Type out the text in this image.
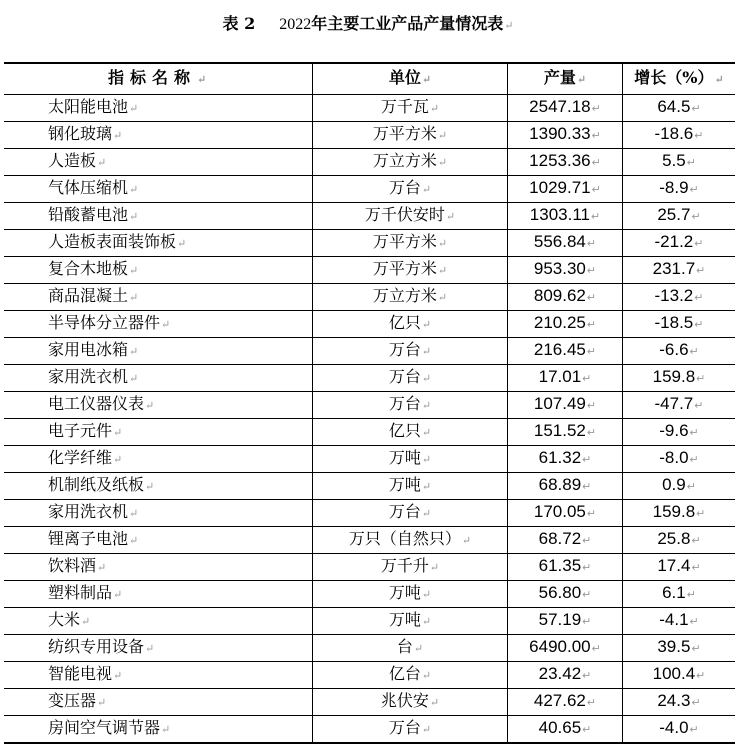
表 2 2022年主要工业产品产量情况表↵
指标名称↵	单位↵	产量↵	增长（%）↵
太阳能电池↵	万千瓦↵	2547.18↵	64.5↵
钢化玻璃↵	万平方米↵	1390.33↵	-18.6↵
人造板↵	万立方米↵	1253.36↵	5.5↵
气体压缩机↵	万台↵	1029.71↵	-8.9↵
铅酸蓄电池↵	万千伏安时↵	1303.11↵	25.7↵
人造板表面装饰板↵	万平方米↵	556.84↵	-21.2↵
复合木地板↵	万平方米↵	953.30↵	231.7↵
商品混凝土↵	万立方米↵	809.62↵	-13.2↵
半导体分立器件↵	亿只↵	210.25↵	-18.5↵
家用电冰箱↵	万台↵	216.45↵	-6.6↵
家用洗衣机↵	万台↵	17.01↵	159.8↵
电工仪器仪表↵	万台↵	107.49↵	-47.7↵
电子元件↵	亿只↵	151.52↵	-9.6↵
化学纤维↵	万吨↵	61.32↵	-8.0↵
机制纸及纸板↵	万吨↵	68.89↵	0.9↵
家用洗衣机↵	万台↵	170.05↵	159.8↵
锂离子电池↵	万只（自然只）↵	68.72↵	25.8↵
饮料酒↵	万千升↵	61.35↵	17.4↵
塑料制品↵	万吨↵	56.80↵	6.1↵
大米↵	万吨↵	57.19↵	-4.1↵
纺织专用设备↵	台↵	6490.00↵	39.5↵
智能电视↵	亿台↵	23.42↵	100.4↵
变压器↵	兆伏安↵	427.62↵	24.3↵
房间空气调节器↵	万台↵	40.65↵	-4.0↵
